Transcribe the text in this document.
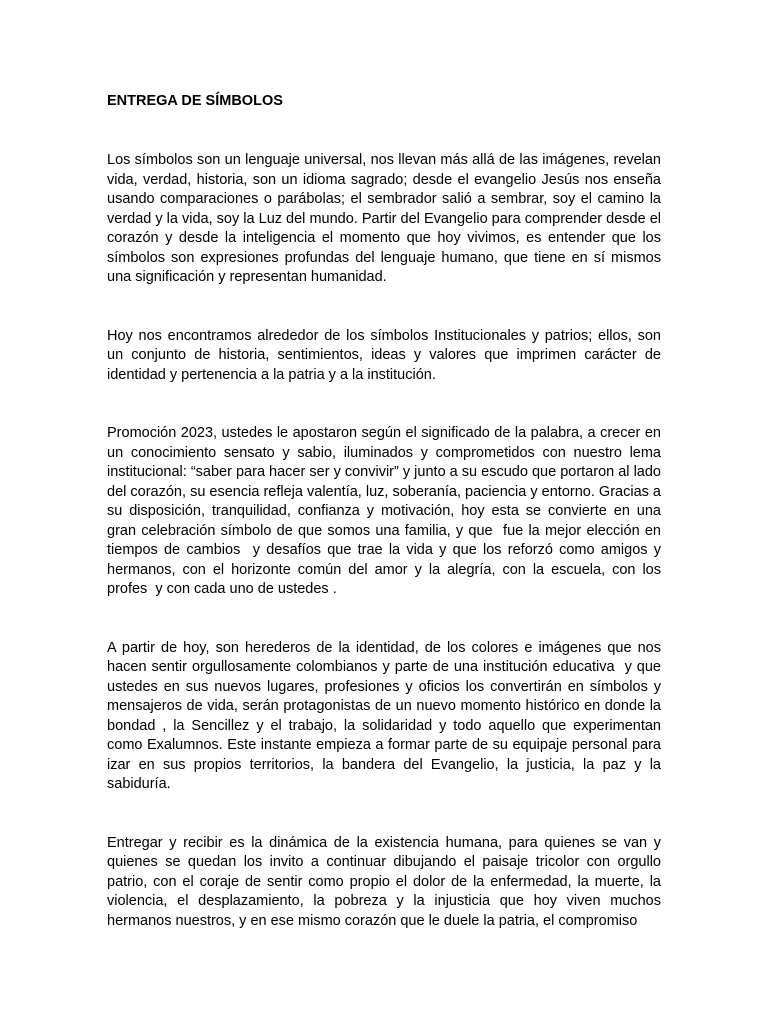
ENTREGA DE SÍMBOLOS

Los símbolos son un lenguaje universal, nos llevan más allá de las imágenes, revelan vida, verdad, historia, son un idioma sagrado; desde el evangelio Jesús nos enseña usando comparaciones o parábolas; el sembrador salió a sembrar, soy el camino la verdad y la vida, soy la Luz del mundo. Partir del Evangelio para comprender desde el corazón y desde la inteligencia el momento que hoy vivimos, es entender que los símbolos son expresiones profundas del lenguaje humano, que tiene en sí mismos una significación y representan humanidad.

Hoy nos encontramos alrededor de los símbolos Institucionales y patrios; ellos, son un conjunto de historia, sentimientos, ideas y valores que imprimen carácter de identidad y pertenencia a la patria y a la institución.

Promoción 2023, ustedes le apostaron según el significado de la palabra, a crecer en un conocimiento sensato y sabio, iluminados y comprometidos con nuestro lema institucional: “saber para hacer ser y convivir” y junto a su escudo que portaron al lado del corazón, su esencia refleja valentía, luz, soberanía, paciencia y entorno. Gracias a su disposición, tranquilidad, confianza y motivación, hoy esta se convierte en una gran celebración símbolo de que somos una familia, y que  fue la mejor elección en tiempos de cambios  y desafíos que trae la vida y que los reforzó como amigos y hermanos, con el horizonte común del amor y la alegría, con la escuela, con los profes  y con cada uno de ustedes .

A partir de hoy, son herederos de la identidad, de los colores e imágenes que nos hacen sentir orgullosamente colombianos y parte de una institución educativa  y que ustedes en sus nuevos lugares, profesiones y oficios los convertirán en símbolos y mensajeros de vida, serán protagonistas de un nuevo momento histórico en donde la bondad , la Sencillez y el trabajo, la solidaridad y todo aquello que experimentan como Exalumnos. Este instante empieza a formar parte de su equipaje personal para izar en sus propios territorios, la bandera del Evangelio, la justicia, la paz y la sabiduría.

Entregar y recibir es la dinámica de la existencia humana, para quienes se van y quienes se quedan los invito a continuar dibujando el paisaje tricolor con orgullo patrio, con el coraje de sentir como propio el dolor de la enfermedad, la muerte, la violencia, el desplazamiento, la pobreza y la injusticia que hoy viven muchos hermanos nuestros, y en ese mismo corazón que le duele la patria, el compromiso
